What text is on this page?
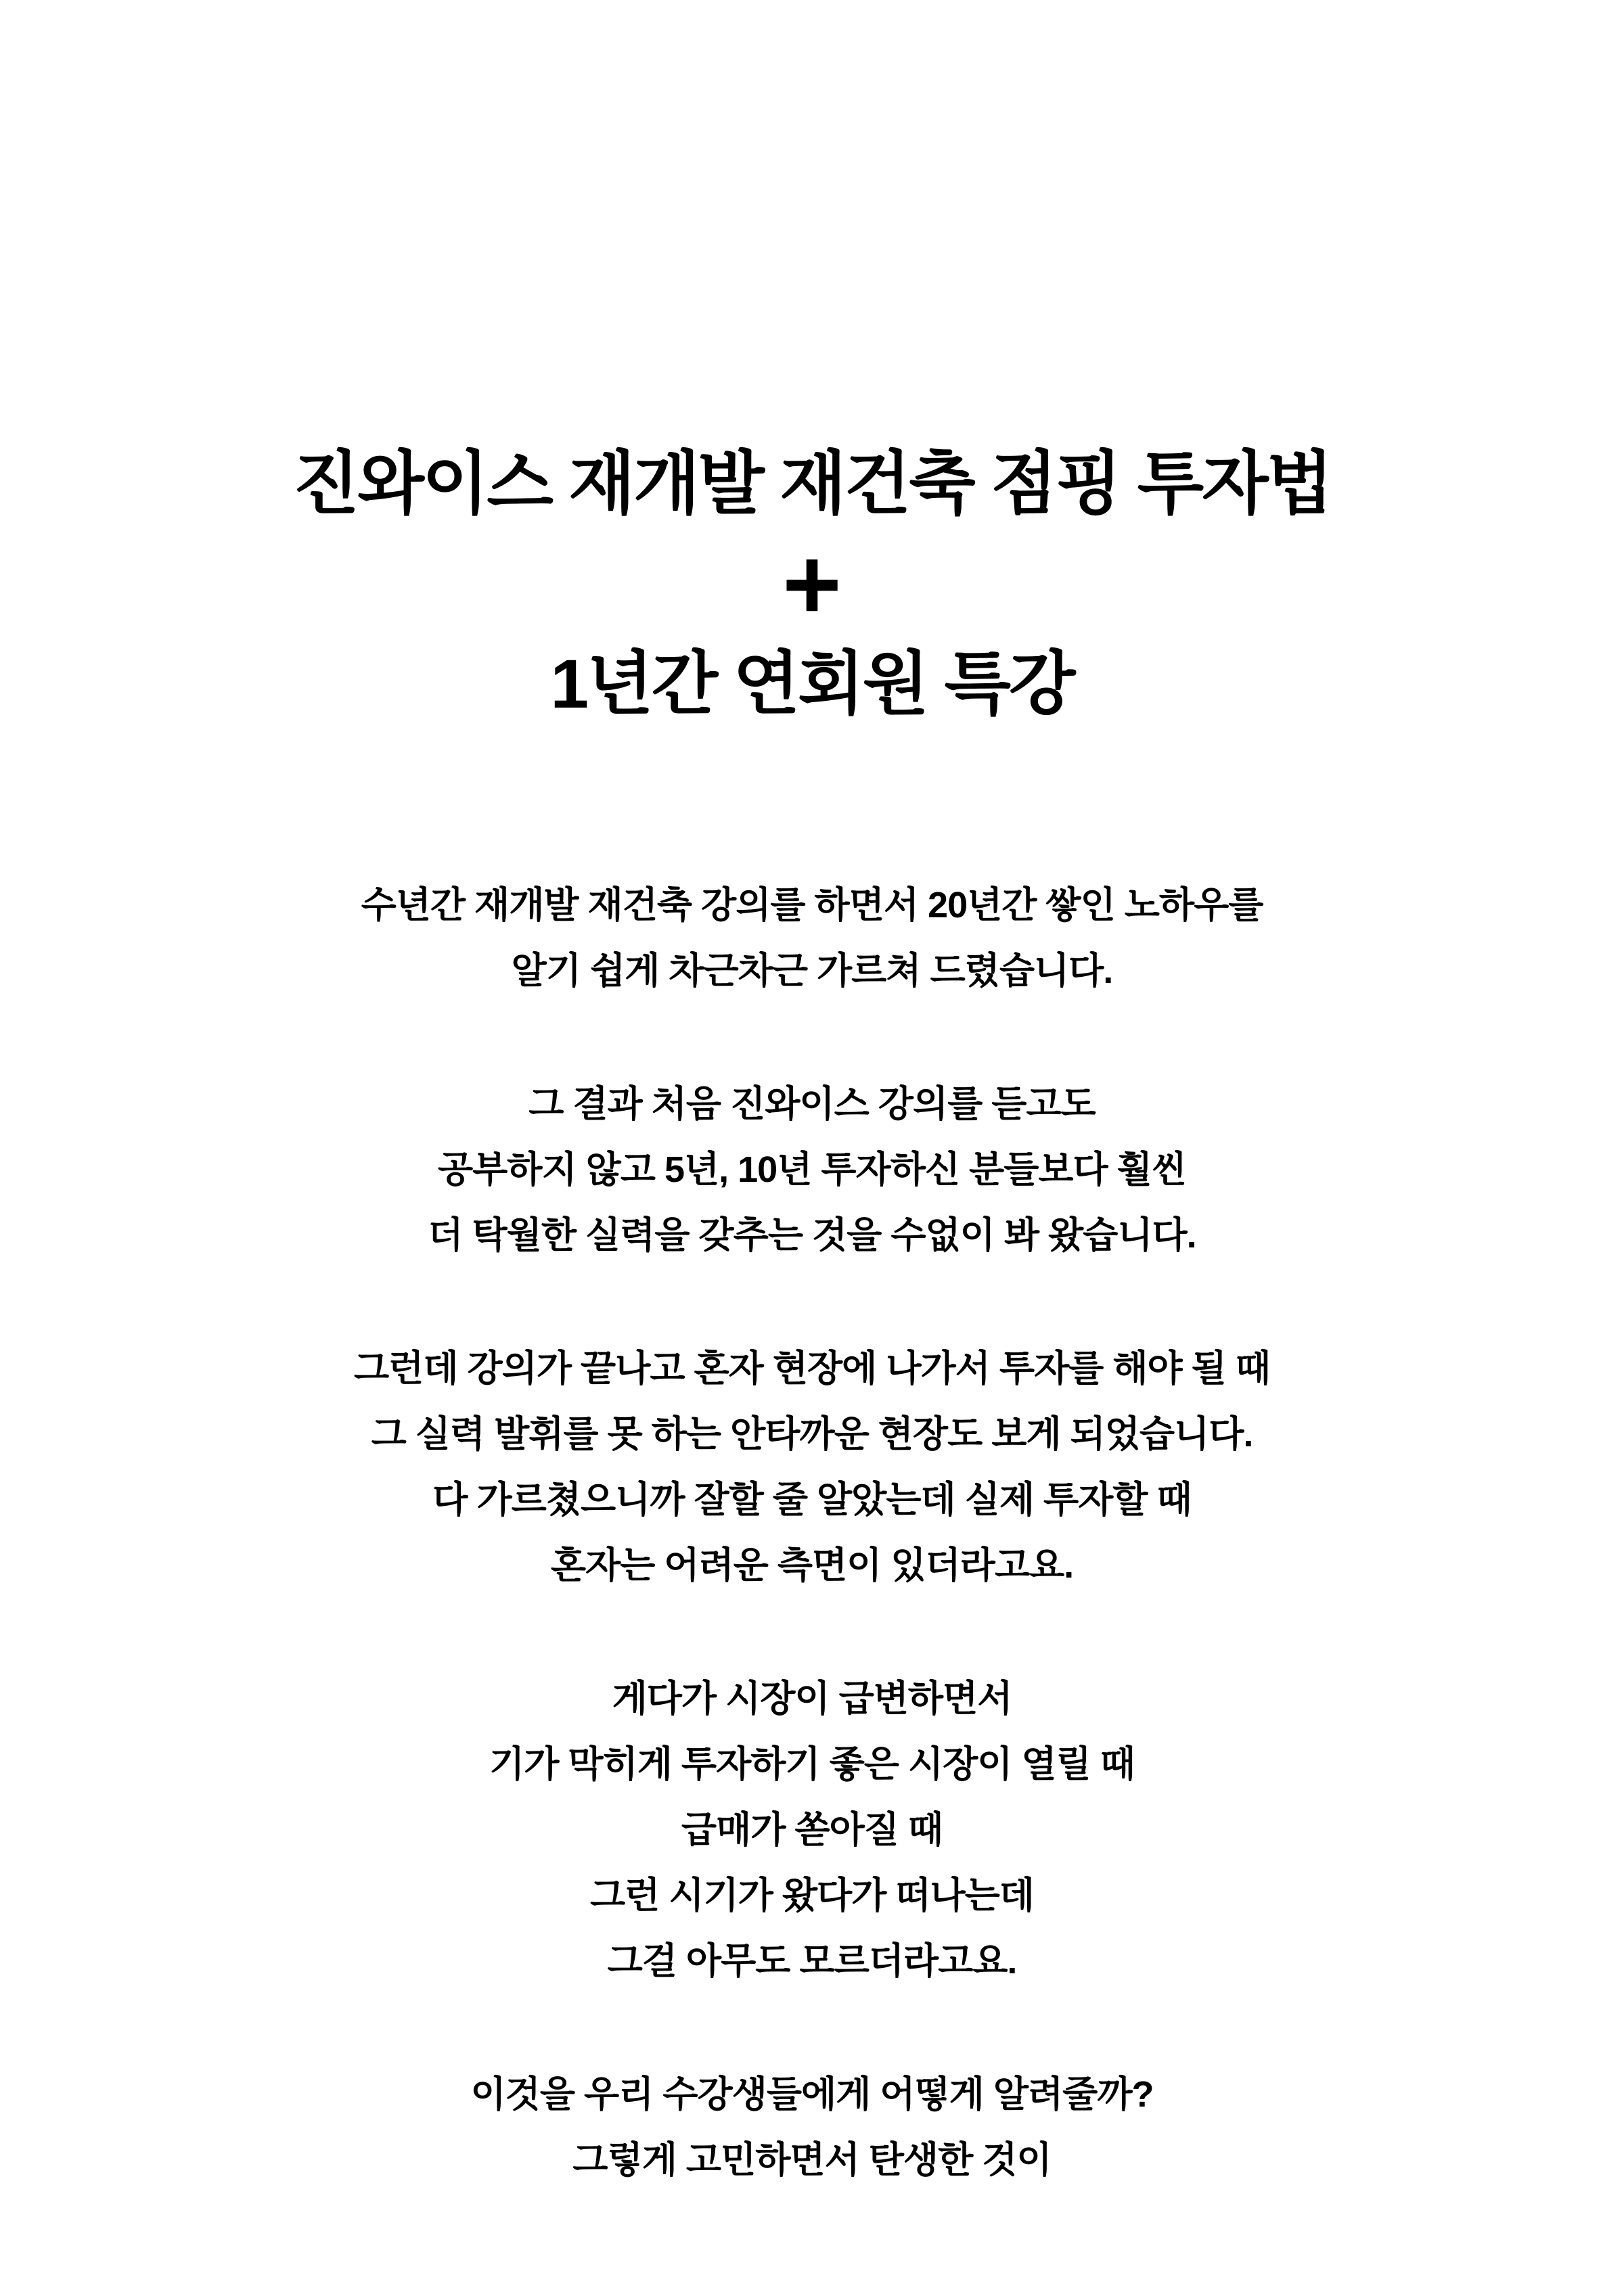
진와이스 재개발 재건축 점핑 투자법
+
1년간 연회원 특강
수년간 재개발 재건축 강의를 하면서 20년간 쌓인 노하우를
알기 쉽게 차근차근 가르쳐 드렸습니다.
그 결과 처음 진와이스 강의를 듣고도
공부하지 않고 5년, 10년 투자하신 분들보다 훨씬
더 탁월한 실력을 갖추는 것을 수없이 봐 왔습니다.
그런데 강의가 끝나고 혼자 현장에 나가서 투자를 해야 될 때
그 실력 발휘를 못 하는 안타까운 현장도 보게 되었습니다.
다 가르쳤으니까 잘할 줄 알았는데 실제 투자할 때
혼자는 어려운 측면이 있더라고요.
게다가 시장이 급변하면서
기가 막히게 투자하기 좋은 시장이 열릴 때
급매가 쏟아질 때
그런 시기가 왔다가 떠나는데
그걸 아무도 모르더라고요.
이것을 우리 수강생들에게 어떻게 알려줄까?
그렇게 고민하면서 탄생한 것이
